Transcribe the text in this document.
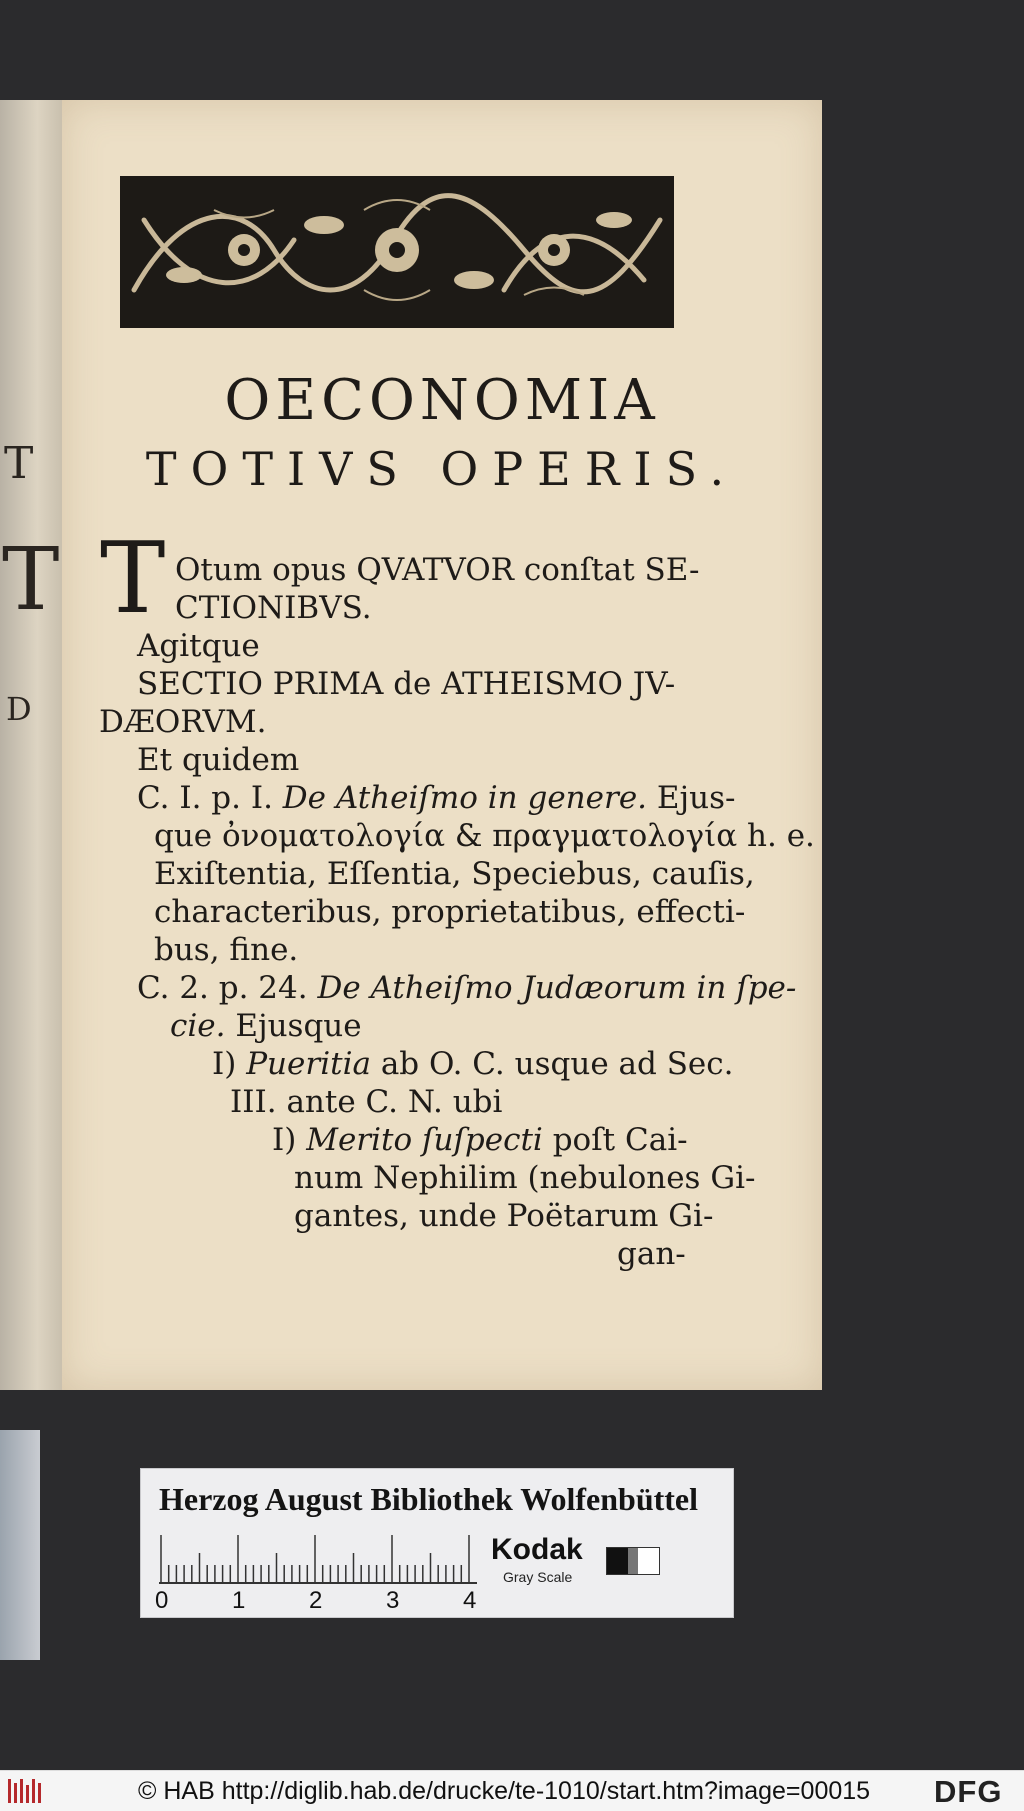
T
T
D
OECONOMIA
TOTIVS OPERIS.
T Otum opus QVATVOR conſtat SE-
CTIONIBVS.
Agitque
SECTIO PRIMA de ATHEISMO JV-
DÆORVM.
Et quidem
C. I. p. I. De Atheiſmo in genere. Ejus-
que ὀνοματολογία & πραγματολογία h. e.
Exiſtentia, Eſſentia, Speciebus, cauſis,
characteribus, proprietatibus, effecti-
bus, fine.
C. 2. p. 24. De Atheiſmo Judæorum in ſpe-
cie. Ejusque
I) Pueritia ab O. C. usque ad Sec.
III. ante C. N. ubi
I) Merito ſuſpecti poſt Cai-
num Nephilim (nebulones Gi-
gantes, unde Poëtarum Gi-
gan-
Herzog August Bibliothek Wolfenbüttel
0	1	2	3	4
Kodak
Gray Scale
© HAB http://diglib.hab.de/drucke/te-1010/start.htm?image=00015 DFG
